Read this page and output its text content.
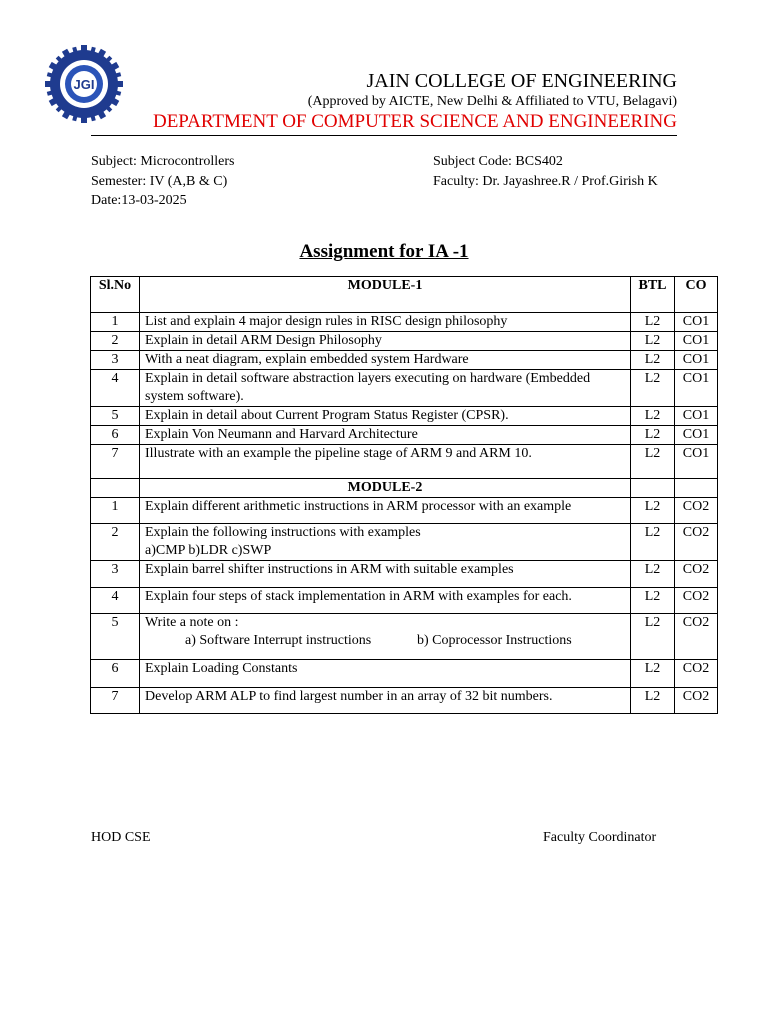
JGI	JAIN COLLEGE OF ENGINEERING
(Approved by AICTE, New Delhi & Affiliated to VTU, Belagavi)
DEPARTMENT OF COMPUTER SCIENCE AND ENGINEERING
Subject: Microcontrollers
Semester: IV (A,B & C)
Date:13-03-2025
Subject Code: BCS402
Faculty: Dr. Jayashree.R / Prof.Girish K
Assignment for IA -1
Sl.No	MODULE-1	BTL	CO
1	List and explain 4 major design rules in RISC design philosophy	L2	CO1
2	Explain in detail ARM Design Philosophy	L2	CO1
3	With a neat diagram, explain embedded system Hardware	L2	CO1
4	Explain in detail software abstraction layers executing on hardware (Embedded system software).	L2	CO1
5	Explain in detail about Current Program Status Register (CPSR).	L2	CO1
6	Explain Von Neumann and Harvard Architecture	L2	CO1
7	Illustrate with an example the pipeline stage of ARM 9 and ARM 10.	L2	CO1
	MODULE-2		
1	Explain different arithmetic instructions in ARM processor with an example	L2	CO2
2	Explain the following instructions with examples
a)CMP b)LDR c)SWP	L2	CO2
3	Explain barrel shifter instructions in ARM with suitable examples	L2	CO2
4	Explain four steps of stack implementation in ARM with examples for each.	L2	CO2
5	Write a note on :
a) Software Interrupt instructions b) Coprocessor Instructions	L2	CO2
6	Explain Loading Constants	L2	CO2
7	Develop ARM ALP to find largest number in an array of 32 bit numbers.	L2	CO2
HOD CSE	Faculty Coordinator
